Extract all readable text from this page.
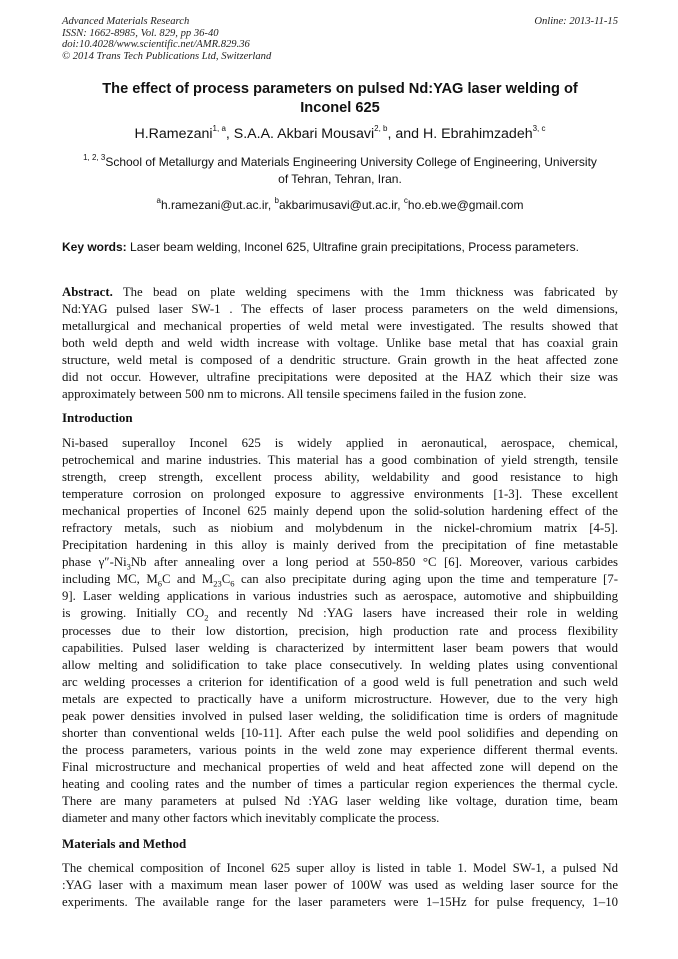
Advanced Materials Research
ISSN: 1662-8985, Vol. 829, pp 36-40
doi:10.4028/www.scientific.net/AMR.829.36
© 2014 Trans Tech Publications Ltd, Switzerland
Online: 2013-11-15
The effect of process parameters on pulsed Nd:YAG laser welding of
Inconel 625
H.Ramezani$^{1, a}$, S.A.A. Akbari Mousavi$^{2, b}$, and H. Ebrahimzadeh$^{3, c}$
$^{1, 2, 3}$School of Metallurgy and Materials Engineering University College of Engineering, University
of Tehran, Tehran, Iran.
$^a$h.ramezani@ut.ac.ir, $^b$akbarimusavi@ut.ac.ir, $^c$ho.eb.we@gmail.com
Key words: Laser beam welding, Inconel 625, Ultrafine grain precipitations, Process parameters.
Abstract. The bead on plate welding specimens with the 1mm thickness was fabricated by
Nd:YAG pulsed laser SW-1 . The effects of laser process parameters on the weld dimensions,
metallurgical and mechanical properties of weld metal were investigated. The results showed that
both weld depth and weld width increase with voltage. Unlike base metal that has coaxial grain
structure, weld metal is composed of a dendritic structure. Grain growth in the heat affected zone
did not occur. However, ultrafine precipitations were deposited at the HAZ which their size was
approximately between 500 nm to microns. All tensile specimens failed in the fusion zone.
Introduction
Ni-based superalloy Inconel 625 is widely applied in aeronautical, aerospace, chemical,
petrochemical and marine industries. This material has a good combination of yield strength, tensile
strength, creep strength, excellent process ability, weldability and good resistance to high
temperature corrosion on prolonged exposure to aggressive environments [1-3]. These excellent
mechanical properties of Inconel 625 mainly depend upon the solid-solution hardening effect of the
refractory metals, such as niobium and molybdenum in the nickel-chromium matrix [4-5].
Precipitation hardening in this alloy is mainly derived from the precipitation of fine metastable
phase $\gamma''-Ni_3Nb$ after annealing over a long period at 550-850 °C [6]. Moreover, various carbides
including MC, $M_6C$ and $M_{23}C_6$ can also precipitate during aging upon the time and temperature [7-
9]. Laser welding applications in various industries such as aerospace, automotive and shipbuilding
is growing. Initially $CO_2$ and recently Nd :YAG lasers have increased their role in welding
processes due to their low distortion, precision, high production rate and process flexibility
capabilities. Pulsed laser welding is characterized by intermittent laser beam powers that would
allow melting and solidification to take place consecutively. In welding plates using conventional
arc welding processes a criterion for identification of a good weld is full penetration and such weld
metals are expected to practically have a uniform microstructure. However, due to the very high
peak power densities involved in pulsed laser welding, the solidification time is orders of magnitude
shorter than conventional welds [10-11]. After each pulse the weld pool solidifies and depending on
the process parameters, various points in the weld zone may experience different thermal events.
Final microstructure and mechanical properties of weld and heat affected zone will depend on the
heating and cooling rates and the number of times a particular region experiences the thermal cycle.
There are many parameters at pulsed Nd :YAG laser welding like voltage, duration time, beam
diameter and many other factors which inevitably complicate the process.
Materials and Method
The chemical composition of Inconel 625 super alloy is listed in table 1. Model SW-1, a pulsed Nd
:YAG laser with a maximum mean laser power of 100W was used as welding laser source for the
experiments. The available range for the laser parameters were 1–15Hz for pulse frequency, 1–10
